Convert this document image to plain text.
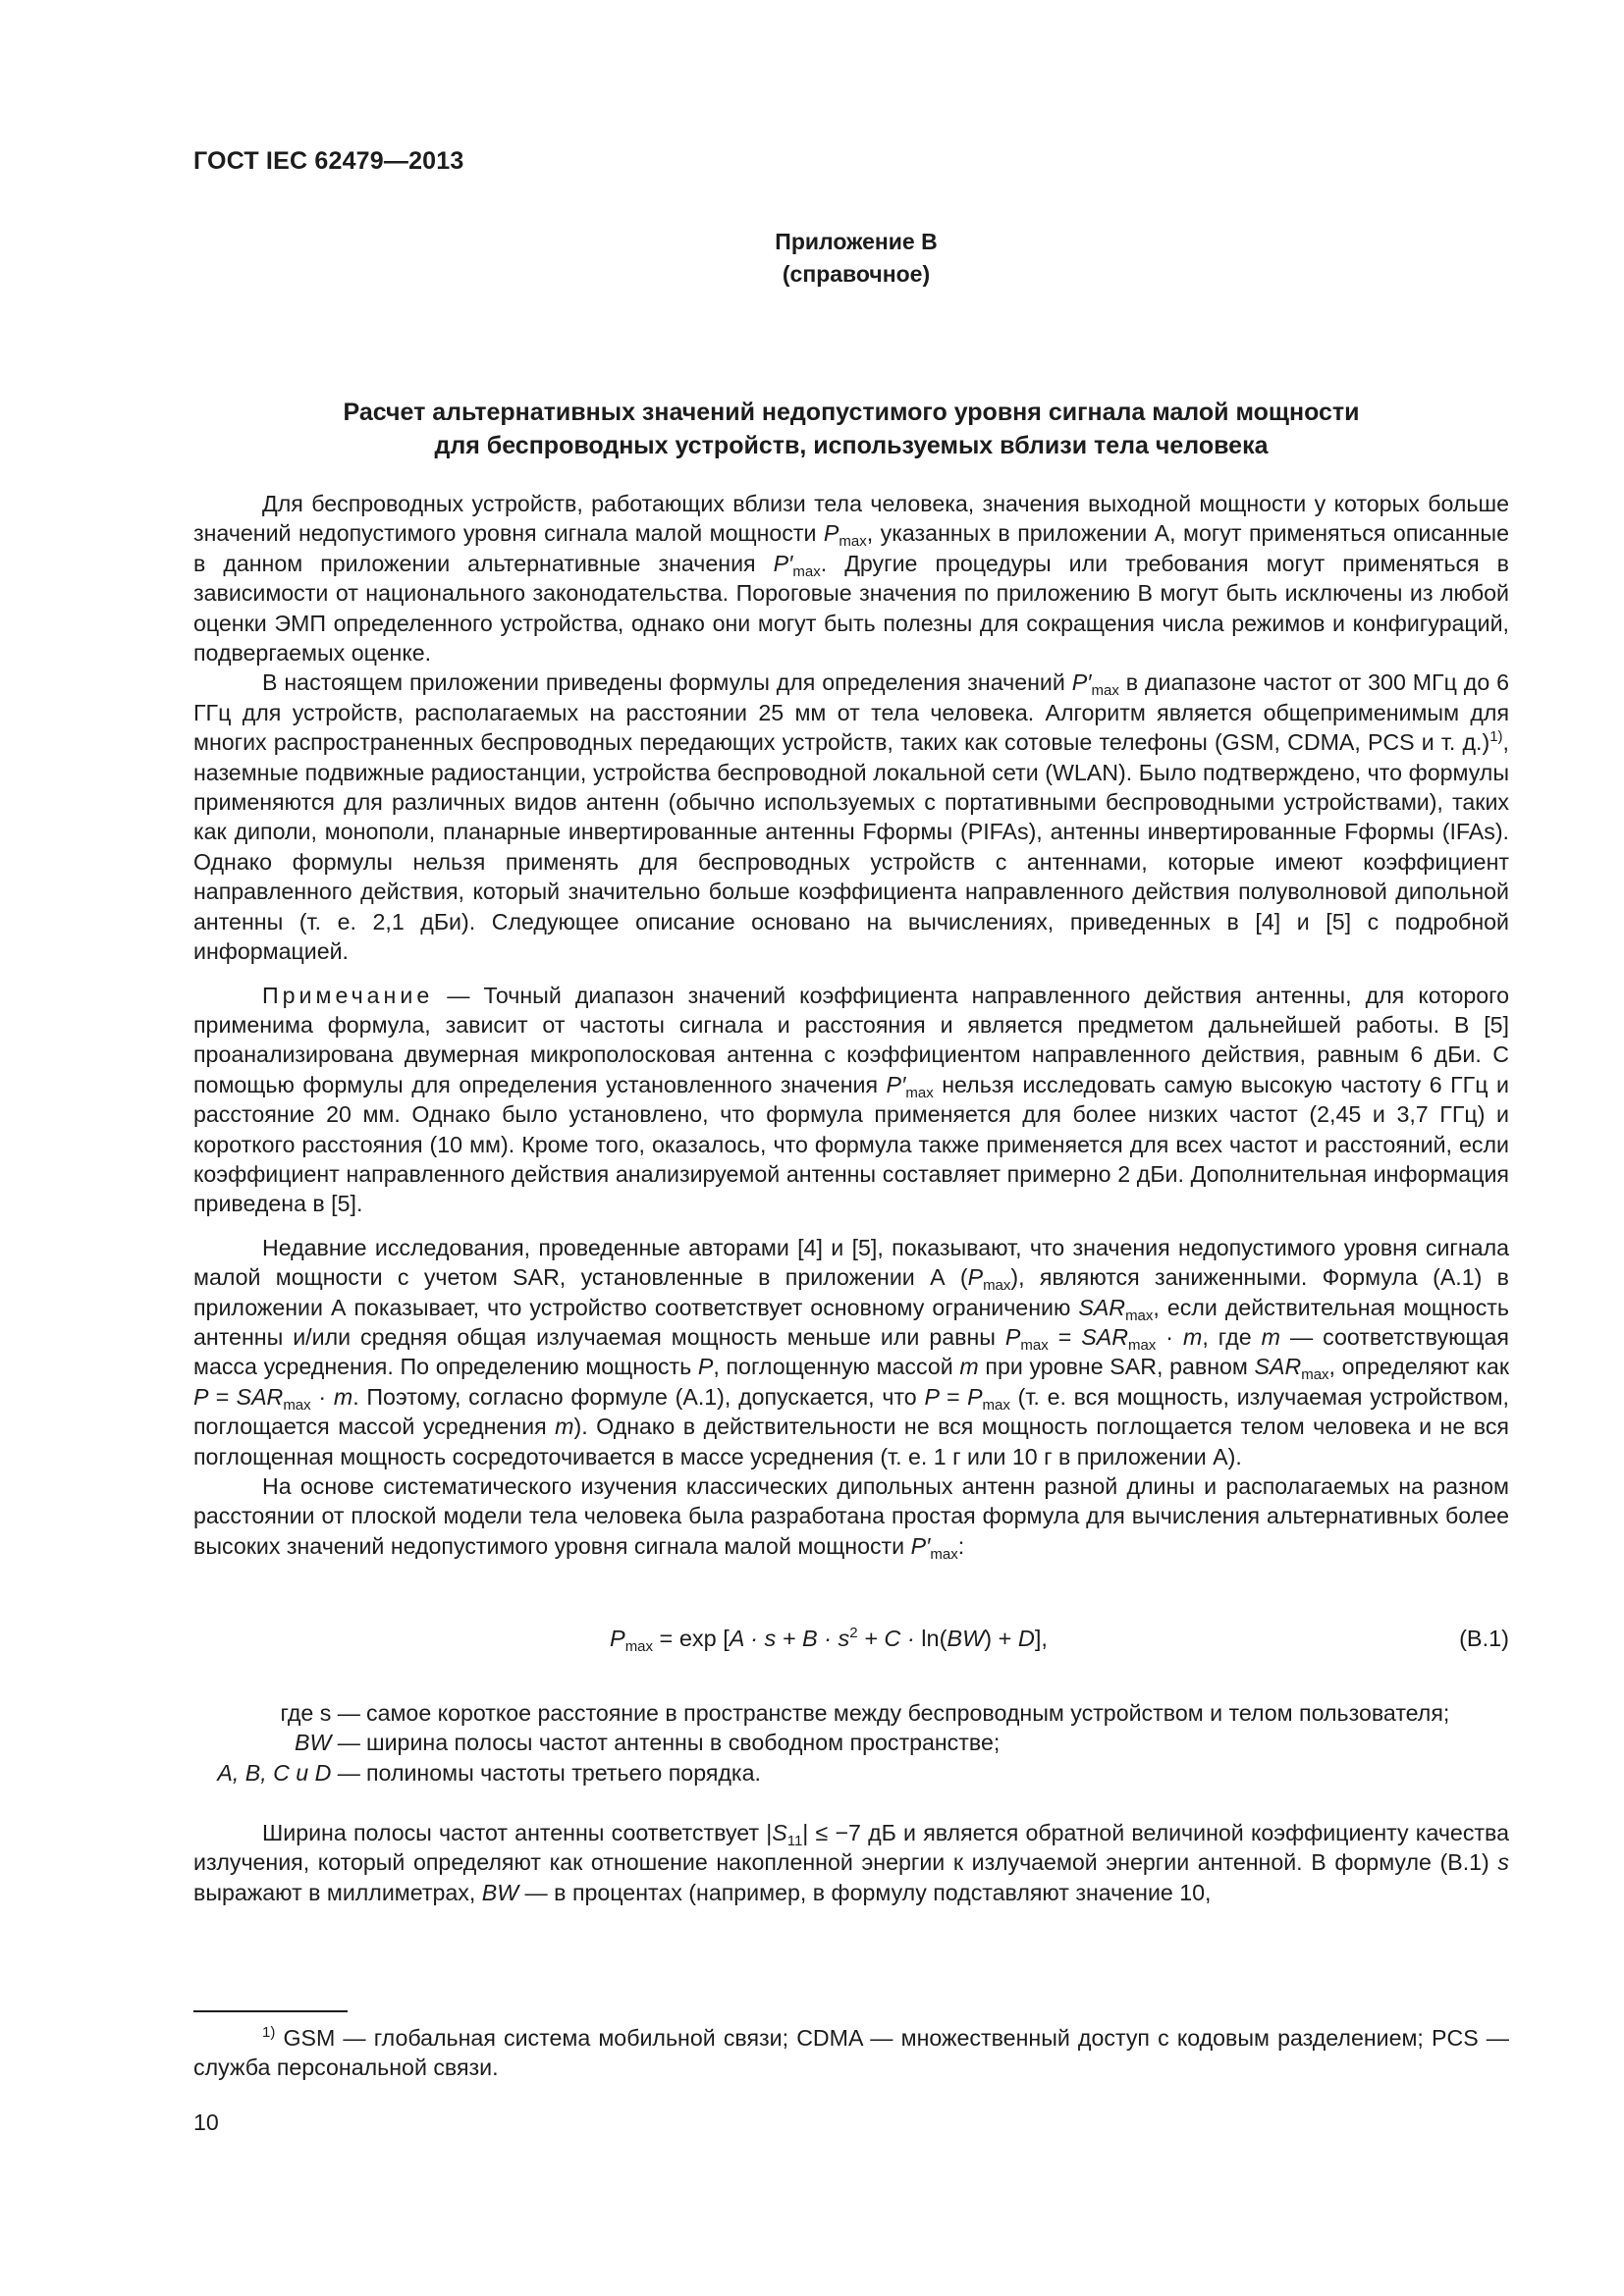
ГОСТ IEC 62479—2013
Приложение В
(справочное)
Расчет альтернативных значений недопустимого уровня сигнала малой мощности
для беспроводных устройств, используемых вблизи тела человека

Для беспроводных устройств, работающих вблизи тела человека, значения выходной мощности у которых больше значений недопустимого уровня сигнала малой мощности $P_{max}$, указанных в приложении А, могут применяться описанные в данном приложении альтернативные значения $P'_{max}$. Другие процедуры или требования могут применяться в зависимости от национального законодательства. Пороговые значения по приложению В могут быть исключены из любой оценки ЭМП определенного устройства, однако они могут быть полезны для сокращения числа режимов и конфигураций, подвергаемых оценке.

В настоящем приложении приведены формулы для определения значений $P'_{max}$ в диапазоне частот от 300 МГц до 6 ГГц для устройств, располагаемых на расстоянии 25 мм от тела человека. Алгоритм является общеприменимым для многих распространенных беспроводных передающих устройств, таких как сотовые телефоны (GSM, CDMA, PCS и т. д.)$^{1)}$, наземные подвижные радиостанции, устройства беспроводной локальной сети (WLAN). Было подтверждено, что формулы применяются для различных видов антенн (обычно используемых с портативными беспроводными устройствами), таких как диполи, монополи, планарные инвертированные антенны Fформы (PIFAs), антенны инвертированные Fформы (IFAs). Однако формулы нельзя применять для беспроводных устройств с антеннами, которые имеют коэффициент направленного действия, который значительно больше коэффициента направленного действия полуволновой дипольной антенны (т. е. 2,1 дБи). Следующее описание основано на вычислениях, приведенных в [4] и [5] с подробной информацией.

Примечание — Точный диапазон значений коэффициента направленного действия антенны, для которого применима формула, зависит от частоты сигнала и расстояния и является предметом дальнейшей работы. В [5] проанализирована двумерная микрополосковая антенна с коэффициентом направленного действия, равным 6 дБи. С помощью формулы для определения установленного значения $P'_{max}$ нельзя исследовать самую высокую частоту 6 ГГц и расстояние 20 мм. Однако было установлено, что формула применяется для более низких частот (2,45 и 3,7 ГГц) и короткого расстояния (10 мм). Кроме того, оказалось, что формула также применяется для всех частот и расстояний, если коэффициент направленного действия анализируемой антенны составляет примерно 2 дБи. Дополнительная информация приведена в [5].

Недавние исследования, проведенные авторами [4] и [5], показывают, что значения недопустимого уровня сигнала малой мощности с учетом SAR, установленные в приложении А $(P_{max})$, являются заниженными. Формула (А.1) в приложении А показывает, что устройство соответствует основному ограничению $SAR_{max}$, если действительная мощность антенны и/или средняя общая излучаемая мощность меньше или равны $P_{max} = SAR_{max} \cdot m$, где m — соответствующая масса усреднения. По определению мощность P, поглощенную массой m при уровне SAR, равном $SAR_{max}$, определяют как $P = SAR_{max} \cdot m$. Поэтому, согласно формуле (А.1), допускается, что $P = P_{max}$ (т. е. вся мощность, излучаемая устройством, поглощается массой усреднения m). Однако в действительности не вся мощность поглощается телом человека и не вся поглощенная мощность сосредоточивается в массе усреднения (т. е. 1 г или 10 г в приложении А).

На основе систематического изучения классических дипольных антенн разной длины и располагаемых на разном расстоянии от плоской модели тела человека была разработана простая формула для вычисления альтернативных более высоких значений недопустимого уровня сигнала малой мощности $P'_{max}$:

$P_{max} = \exp [A \cdot s + B \cdot s^2 + C \cdot \ln(BW) + D]$,	(В.1)
где s — самое короткое расстояние в пространстве между беспроводным устройством и телом пользователя;
BW — ширина полосы частот антенны в свободном пространстве;
A, B, C и D — полиномы частоты третьего порядка.

Ширина полосы частот антенны соответствует $|S_{11}| \le -7$ дБ и является обратной величиной коэффициенту качества излучения, который определяют как отношение накопленной энергии к излучаемой энергии антенной. В формуле (В.1) s выражают в миллиметрах, BW — в процентах (например, в формулу подставляют значение 10,

$^{1)}$ GSM — глобальная система мобильной связи; CDMA — множественный доступ с кодовым разделением; PCS — служба персональной связи.

10
